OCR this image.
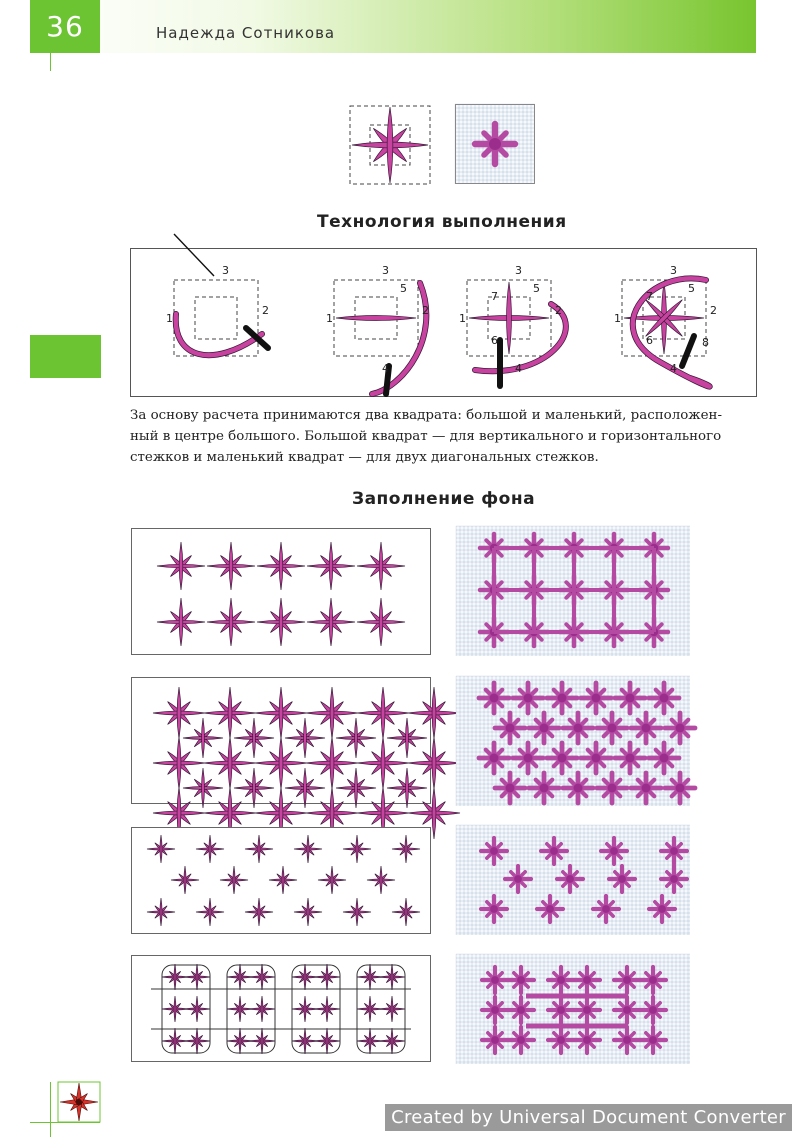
36	Надежда Сотникова
Технология выполнения
1
2
3
1
2
3
4
5
1
2
3
4
5
6
7
1
2
3
4
5
6
7
8
За основу расчета принимаются два квадрата: большой и маленький, расположен-
ный в центре большого. Большой квадрат — для вертикального и горизонтального
стежков и маленький квадрат — для двух диагональных стежков.
Заполнение фона
Created by Universal Document Converter
